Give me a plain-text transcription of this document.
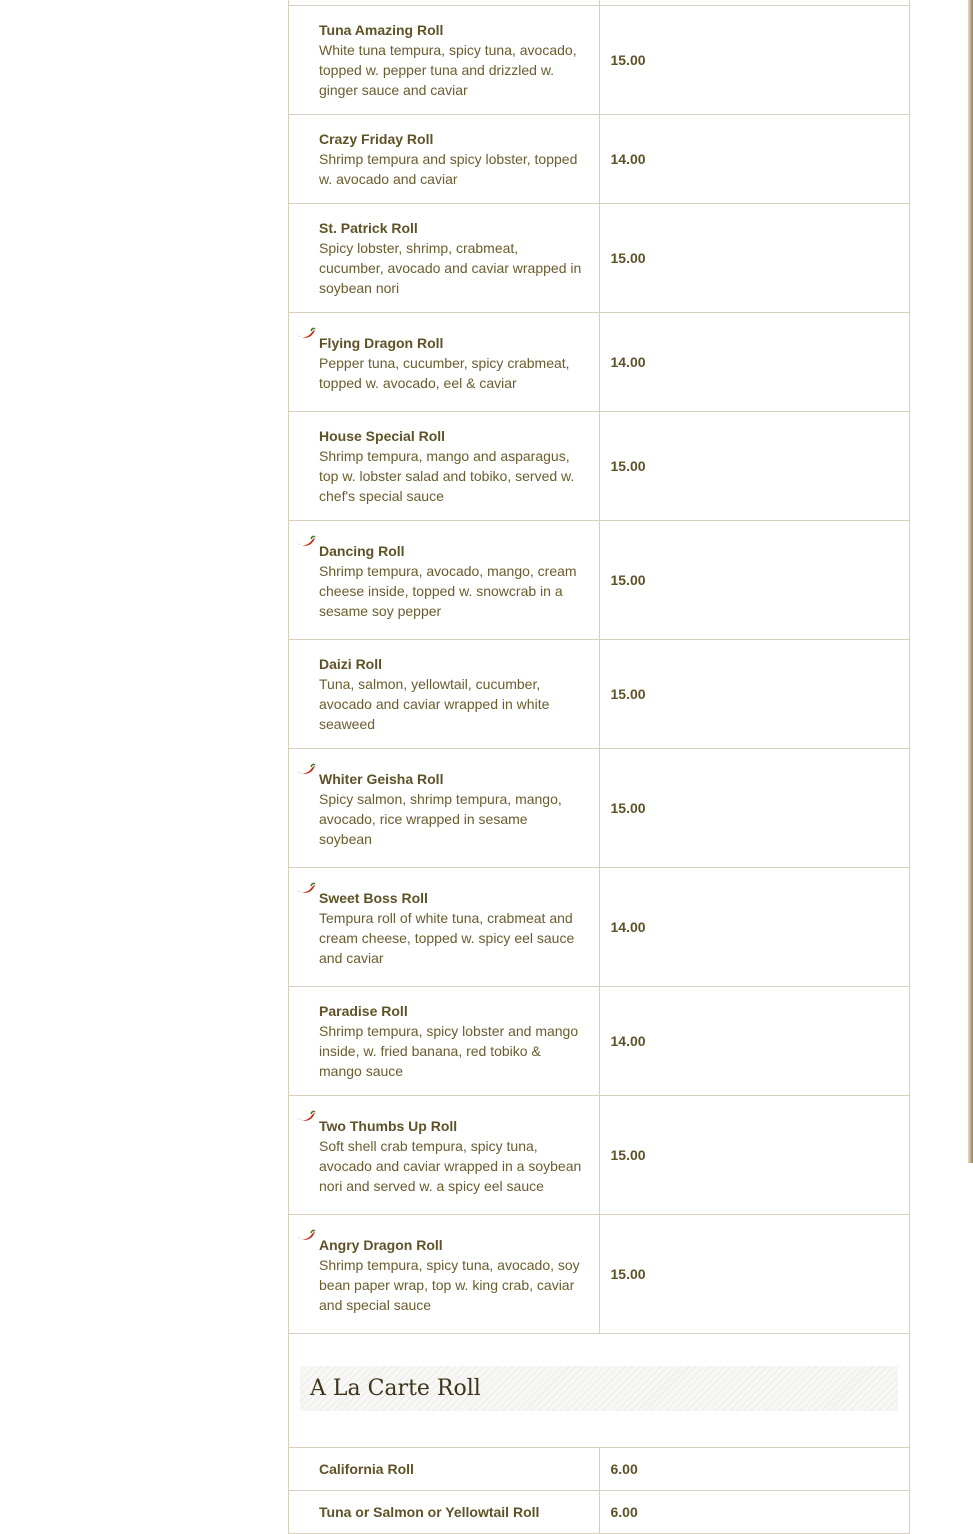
Tuna Amazing Roll
White tuna tempura, spicy tuna, avocado, topped w. pepper tuna and drizzled w. ginger sauce and caviar	15.00

Crazy Friday Roll
Shrimp tempura and spicy lobster, topped w. avocado and caviar	14.00

St. Patrick Roll
Spicy lobster, shrimp, crabmeat, cucumber, avocado and caviar wrapped in soybean nori	15.00

Flying Dragon Roll
Pepper tuna, cucumber, spicy crabmeat, topped w. avocado, eel & caviar	14.00

House Special Roll
Shrimp tempura, mango and asparagus, top w. lobster salad and tobiko, served w. chef's special sauce	15.00

Dancing Roll
Shrimp tempura, avocado, mango, cream cheese inside, topped w. snowcrab in a sesame soy pepper	15.00

Daizi Roll
Tuna, salmon, yellowtail, cucumber, avocado and caviar wrapped in white seaweed	15.00

Whiter Geisha Roll
Spicy salmon, shrimp tempura, mango, avocado, rice wrapped in sesame soybean	15.00

Sweet Boss Roll
Tempura roll of white tuna, crabmeat and cream cheese, topped w. spicy eel sauce and caviar	14.00

Paradise Roll
Shrimp tempura, spicy lobster and mango inside, w. fried banana, red tobiko & mango sauce	14.00

Two Thumbs Up Roll
Soft shell crab tempura, spicy tuna, avocado and caviar wrapped in a soybean nori and served w. a spicy eel sauce	15.00

Angry Dragon Roll
Shrimp tempura, spicy tuna, avocado, soy bean paper wrap, top w. king crab, caviar and special sauce	15.00

A La Carte Roll	

California Roll	6.00

Tuna or Salmon or Yellowtail Roll	6.00
